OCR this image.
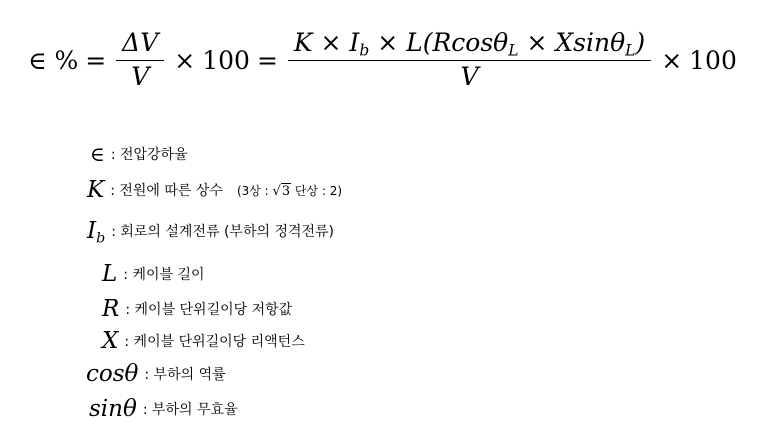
∈ % = $\frac{\Delta V}{V} \times 100 = \frac{K \times I_b \times L(Rcos\theta_L \times Xsin\theta_L)}{V} \times 100$
∈ : 전압강하율
K : 전원에 따른 상수 (3상 : √3 단상 : 2)
$I_b$ : 회로의 설계전류 (부하의 정격전류)
L : 케이블 길이
R : 케이블 단위길이당 저항값
X : 케이블 단위길이당 리액턴스
cosθ : 부하의 역률
sinθ : 부하의 무효율
